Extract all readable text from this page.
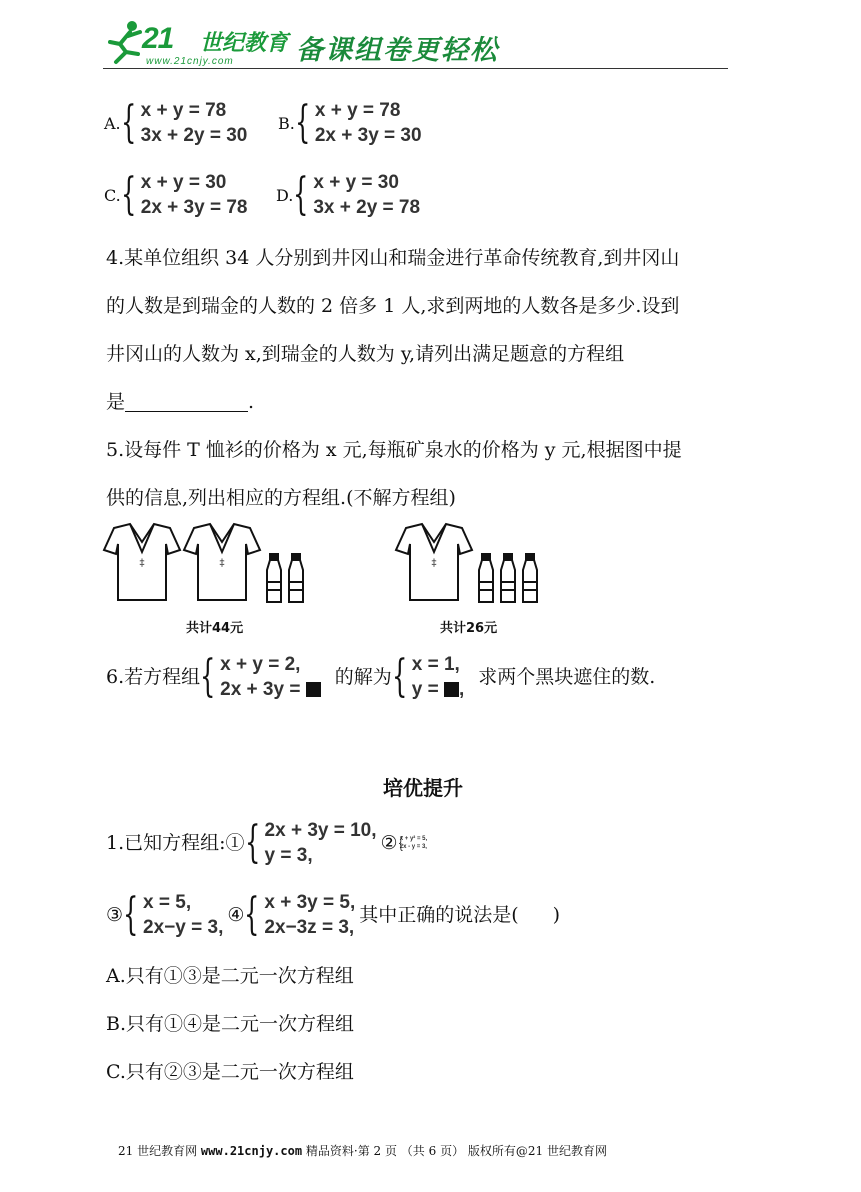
21 世纪教育
www.21cnjy.com 备课组卷更轻松
A. { x + y = 78
3x + 2y = 30
B. { x + y = 78
2x + 3y = 30
C. { x + y = 30
2x + 3y = 78
D. { x + y = 30
3x + 2y = 78
4.某单位组织 34 人分别到井冈山和瑞金进行革命传统教育,到井冈山
的人数是到瑞金的人数的 2 倍多 1 人,求到两地的人数各是多少.设到
井冈山的人数为 x,到瑞金的人数为 y,请列出满足题意的方程组
是	.
5.设每件 T 恤衫的价格为 x 元,每瓶矿泉水的价格为 y 元,根据图中提
供的信息,列出相应的方程组.(不解方程组)
‡	‡	‡
共计44元	共计26元
6.若方程组 { x + y = 2,
2x + 3y =
的解为 { x = 1,
y = ,
求两个黑块遮住的数.
培优提升
1.已知方程组:① { 2x + 3y = 10,
y = 3,
② {
x + y² = 5,
2x - y = 3,
③ { x = 5,
2x−y = 3,
④ { x + 3y = 5,
2x−3z = 3,
其中正确的说法是( )
A.只有①③是二元一次方程组
B.只有①④是二元一次方程组
C.只有②③是二元一次方程组
21 世纪教育网 www.21cnjy.com 精品资料·第 2 页 （共 6 页） 版权所有@21 世纪教育网
